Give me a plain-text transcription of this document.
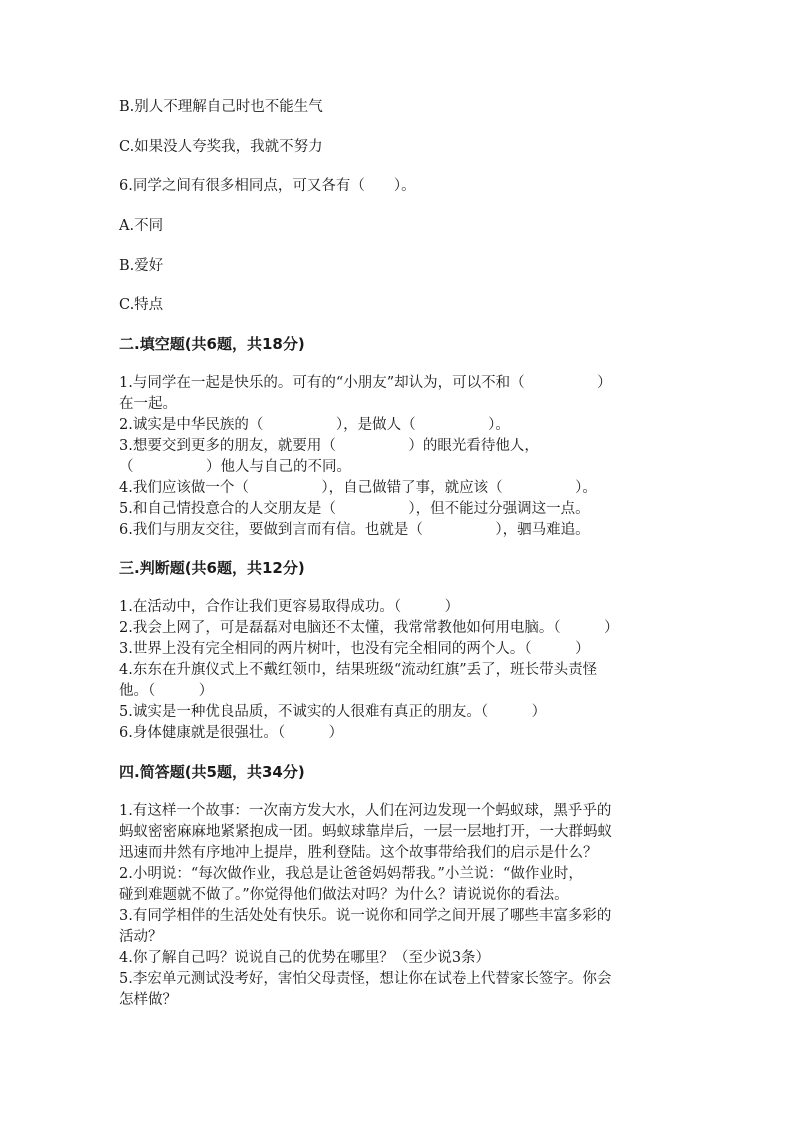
B.别人不理解自己时也不能生气
C.如果没人夸奖我，我就不努力
6.同学之间有很多相同点，可又各有（　　）。
A.不同
B.爱好
C.特点
二.填空题(共6题，共18分)
1.与同学在一起是快乐的。可有的“小朋友”却认为，可以不和（　　　　　）
在一起。
2.诚实是中华民族的（　　　　　），是做人（　　　　　）。
3.想要交到更多的朋友，就要用（　　　　　）的眼光看待他人，
（　　　　　）他人与自己的不同。
4.我们应该做一个（　　　　　），自己做错了事，就应该（　　　　　）。
5.和自己情投意合的人交朋友是（　　　　　），但不能过分强调这一点。
6.我们与朋友交往，要做到言而有信。也就是（　　　　　），驷马难追。
三.判断题(共6题，共12分)
1.在活动中，合作让我们更容易取得成功。（　　　）
2.我会上网了，可是磊磊对电脑还不太懂，我常常教他如何用电脑。（　　　）
3.世界上没有完全相同的两片树叶，也没有完全相同的两个人。（　　　）
4.东东在升旗仪式上不戴红领巾，结果班级“流动红旗”丢了，班长带头责怪
他。（　　　）
5.诚实是一种优良品质，不诚实的人很难有真正的朋友。（　　　）
6.身体健康就是很强壮。（　　　）
四.简答题(共5题，共34分)
1.有这样一个故事：一次南方发大水，人们在河边发现一个蚂蚁球，黑乎乎的
蚂蚁密密麻麻地紧紧抱成一团。蚂蚁球靠岸后，一层一层地打开，一大群蚂蚁
迅速而井然有序地冲上提岸，胜利登陆。这个故事带给我们的启示是什么？
2.小明说：“每次做作业，我总是让爸爸妈妈帮我。”小兰说：“做作业时，
碰到难题就不做了。”你觉得他们做法对吗？为什么？请说说你的看法。
3.有同学相伴的生活处处有快乐。说一说你和同学之间开展了哪些丰富多彩的
活动？
4.你了解自己吗？说说自己的优势在哪里？（至少说3条）
5.李宏单元测试没考好，害怕父母责怪，想让你在试卷上代替家长签字。你会
怎样做？
